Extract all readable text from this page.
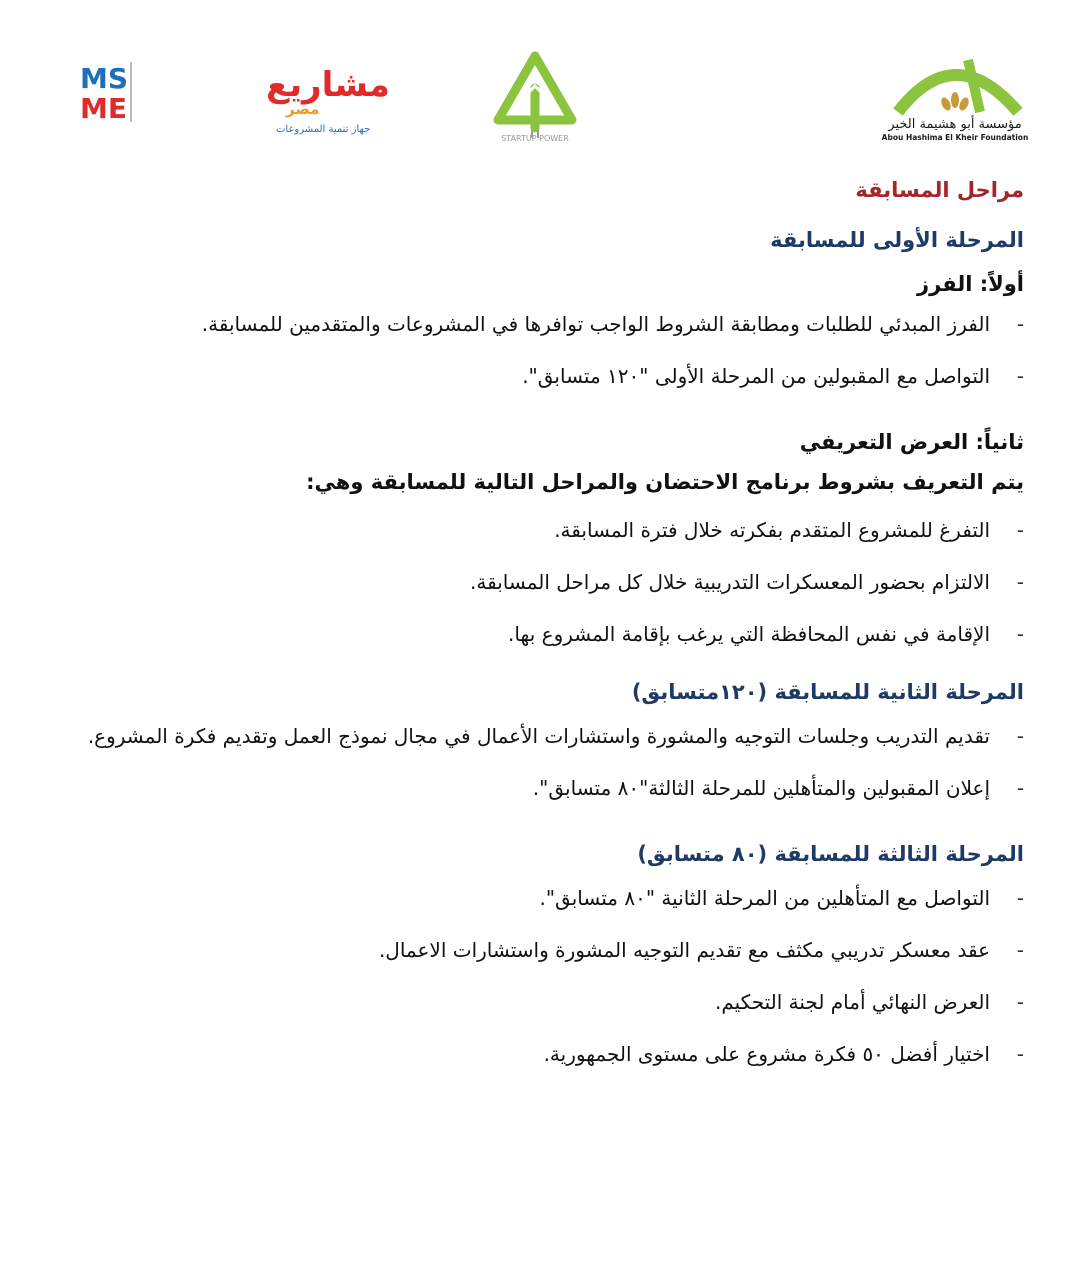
مؤسسة أبو هشيمة الخير
Abou Hashima El Kheir Foundation
STARTUP POWER
MS
ME
مشاريع
مصر
جهاز تنمية المشروعات
مراحل المسابقة
المرحلة الأولى للمسابقة
أولاً: الفرز
- الفرز المبدئي للطلبات ومطابقة الشروط الواجب توافرها في المشروعات والمتقدمين للمسابقة.
- التواصل مع المقبولين من المرحلة الأولى "١٢٠ متسابق".
ثانياً: العرض التعريفي
يتم التعريف بشروط برنامج الاحتضان والمراحل التالية للمسابقة وهي:
- التفرغ للمشروع المتقدم بفكرته خلال فترة المسابقة.
- الالتزام بحضور المعسكرات التدريبية خلال كل مراحل المسابقة.
- الإقامة في نفس المحافظة التي يرغب بإقامة المشروع بها.
المرحلة الثانية للمسابقة (١٢٠متسابق)
- تقديم التدريب وجلسات التوجيه والمشورة واستشارات الأعمال في مجال نموذج العمل وتقديم فكرة المشروع.
- إعلان المقبولين والمتأهلين للمرحلة الثالثة"٨٠ متسابق".
المرحلة الثالثة للمسابقة (٨٠ متسابق)
- التواصل مع المتأهلين من المرحلة الثانية "٨٠ متسابق".
- عقد معسكر تدريبي مكثف مع تقديم التوجيه المشورة واستشارات الاعمال.
- العرض النهائي أمام لجنة التحكيم.
- اختيار أفضل ٥٠ فكرة مشروع على مستوى الجمهورية.
